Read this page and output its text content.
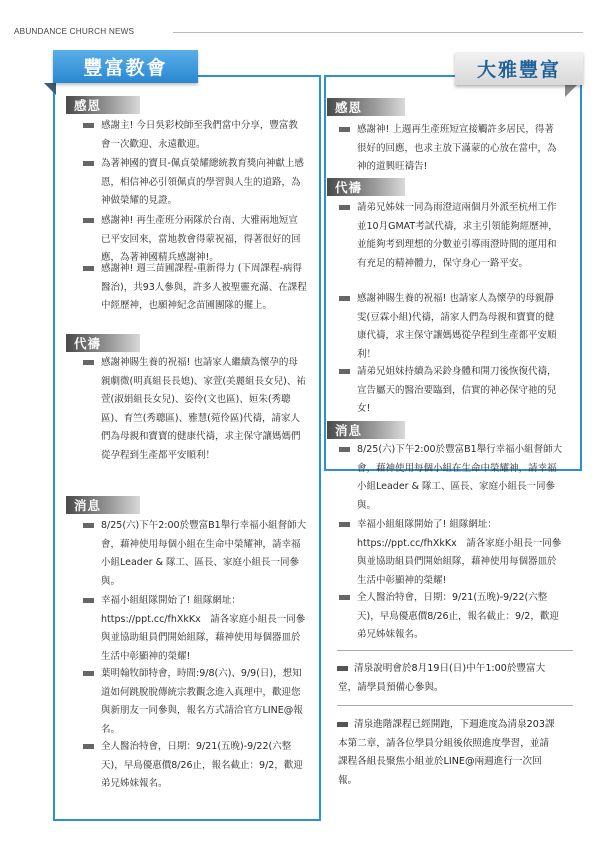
ABUNDANCE CHURCH NEWS
豐富教會
感恩
感謝主! 今日吳彩校師至我們當中分享，豐富教會一次歡迎、永遠歡迎。
為著神國的寶貝-佩貞榮耀總統教育獎向神獻上感恩，相信神必引領佩貞的學習與人生的道路，為神做榮耀的見證。
感謝神! 再生產班分兩隊於台南、大雅兩地短宣已平安回來，當地教會得蒙祝福，得著很好的回應，為著神國精兵感謝神!。
感謝神! 週三苗圃課程-重新得力 (下周課程-病得醫治)，共93人參與，許多人被聖靈充滿、在課程中經歷神，也願神紀念苗圃團隊的擺上。
代禱
感謝神賜生養的祝福! 也請家人繼續為懷孕的母親劇微(明真組長長媳)、家萱(美麗組長女兒)、祐萱(淑娟組長女兒)、姿伶(文也區)、姮朱(秀聰區)、育竺(秀聰區)、雅慧(菀伶區)代禱，請家人們為母親和寶寶的健康代禱，求主保守讓媽媽們從孕程到生產都平安順利！
消息
8/25(六)下午2:00於豐富B1舉行幸福小組督師大會，藉神使用每個小組在生命中榮耀神，請幸福小組Leader & 隊工、區長、家庭小組長一同參與。
幸福小組組隊開始了! 組隊網址：https://ppt.cc/fhXkKx　請各家庭小組長一同參與並協助組員們開始組隊，藉神使用每個器皿於生活中彰顯神的榮耀!
葉明翰牧師特會，時間:9/8(六)、9/9(日)，想知道如何跳脫脫傳統宗教觀念進入真理中，歡迎您與新朋友一同參與，報名方式請洽官方LINE@報名。
全人醫治特會，日期：9/21(五晚)-9/22(六整天)，早鳥優惠價8/26止，報名截止：9/2，歡迎弟兄姊妹報名。
大雅豐富
感恩
感謝神! 上週再生產班短宣接觸許多居民，得著很好的回應，也求主放下滿蒙的心放在當中，為神的道興旺禱告!
代禱
請弟兄姊妹一同為雨澄這兩個月外派至杭州工作並10月GMAT考試代禱，求主引領能夠經歷神，並能夠考到理想的分數並引導雨澄時間的運用和有充足的精神體力，保守身心一路平安。
感謝神賜生養的祝福! 也請家人為懷孕的母親靜雯(豆霖小組)代禱，請家人們為母親和寶寶的健康代禱，求主保守讓媽媽從孕程到生產都平安順利！
請弟兄姐妹持續為采鈴身體和開刀後恢復代禱，宣告屬天的醫治要臨到，信實的神必保守祂的兒女!
消息
8/25(六)下午2:00於豐富B1舉行幸福小組督師大會，藉神使用每個小組在生命中榮耀神，請幸福小組Leader & 隊工、區長、家庭小組長一同參與。
幸福小組組隊開始了! 組隊網址：https://ppt.cc/fhXkKx　請各家庭小組長一同參與並協助組員們開始組隊，藉神使用每個器皿於生活中彰顯神的榮耀!
全人醫治特會，日期：9/21(五晚)-9/22(六整天)，早鳥優惠價8/26止，報名截止：9/2，歡迎弟兄姊妹報名。
清泉說明會於8月19日(日)中午1:00於豐富大堂，請學員預備心參與。
清泉進階課程已經開跑，下週進度為清泉203課本第二章，請各位學員分組後依照進度學習，並請課程各組長聚焦小組並於LINE@兩週進行一次回報。
